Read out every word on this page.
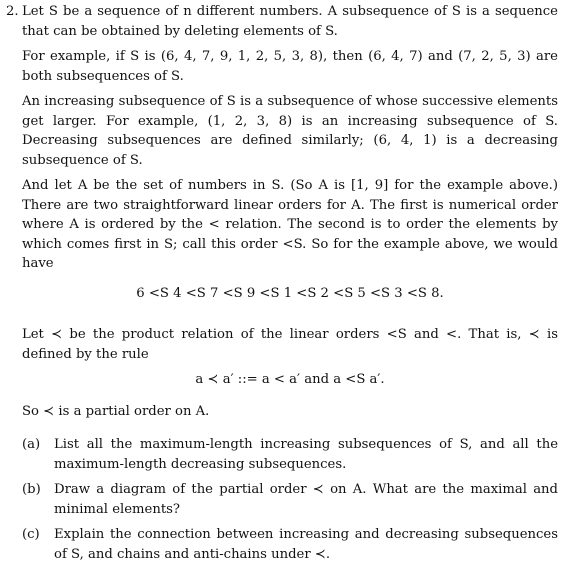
2. Let S be a sequence of n different numbers. A subsequence of S is a sequence that can be obtained by deleting elements of S.

For example, if S is (6, 4, 7, 9, 1, 2, 5, 3, 8), then (6, 4, 7) and (7, 2, 5, 3) are both subsequences of S.

An increasing subsequence of S is a subsequence of whose successive elements get larger. For example, (1, 2, 3, 8) is an increasing subsequence of S. Decreasing subsequences are defined similarly; (6, 4, 1) is a decreasing subsequence of S.

And let A be the set of numbers in S. (So A is [1, 9] for the example above.) There are two straightforward linear orders for A. The first is numerical order where A is ordered by the < relation. The second is to order the elements by which comes first in S; call this order <S. So for the example above, we would have

6 <S 4 <S 7 <S 9 <S 1 <S 2 <S 5 <S 3 <S 8.

Let ≺ be the product relation of the linear orders <S and <. That is, ≺ is defined by the rule

a ≺ a′ ::= a < a′ and a <S a′.

So ≺ is a partial order on A.

(a)	List all the maximum-length increasing subsequences of S, and all the maximum-length decreasing subsequences.
(b)	Draw a diagram of the partial order ≺ on A. What are the maximal and minimal elements?
(c)	Explain the connection between increasing and decreasing subsequences of S, and chains and anti-chains under ≺.
